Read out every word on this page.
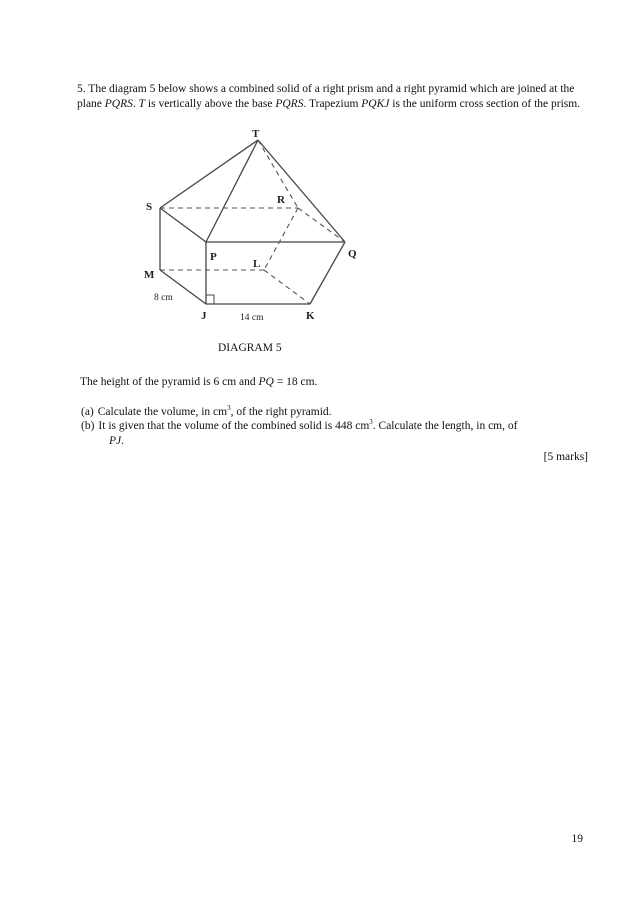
5. The diagram 5 below shows a combined solid of a right prism and a right pyramid which are joined at the plane PQRS. T is vertically above the base PQRS. Trapezium PQKJ is the uniform cross section of the prism.
T
S
R
P	Q
L
M
J	K
8 cm
14 cm
DIAGRAM 5
The height of the pyramid is 6 cm and PQ = 18 cm.
(a) Calculate the volume, in $cm^3$, of the right pyramid.
(b) It is given that the volume of the combined solid is 448 $cm^3$. Calculate the length, in cm, of
PJ.
[5 marks]
19
